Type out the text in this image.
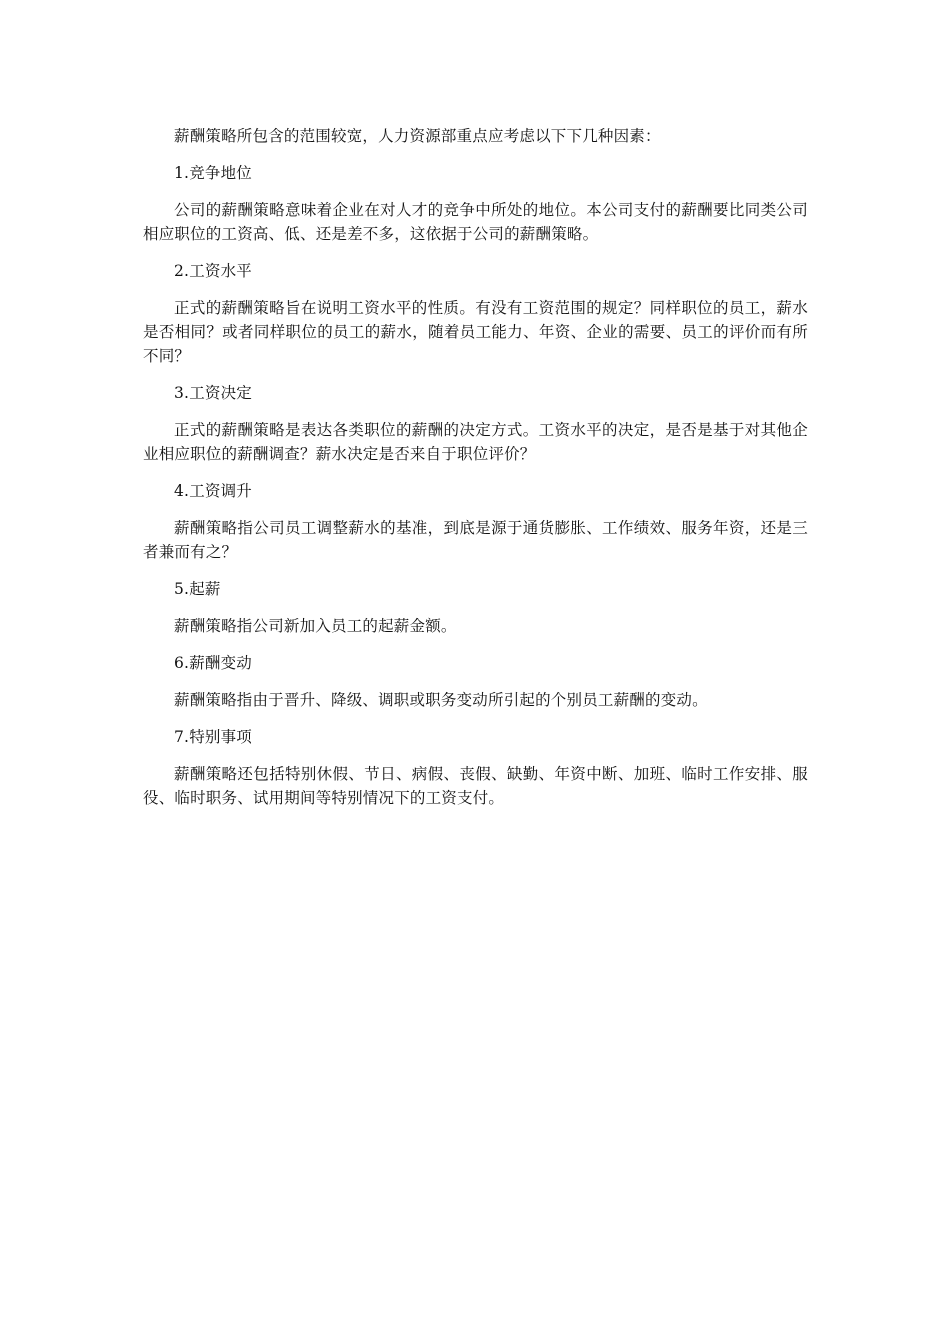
薪酬策略所包含的范围较宽，人力资源部重点应考虑以下下几种因素：

1.竞争地位

公司的薪酬策略意味着企业在对人才的竞争中所处的地位。本公司支付的薪酬要比同类公司相应职位的工资高、低、还是差不多，这依据于公司的薪酬策略。

2.工资水平

正式的薪酬策略旨在说明工资水平的性质。有没有工资范围的规定？同样职位的员工，薪水是否相同？或者同样职位的员工的薪水，随着员工能力、年资、企业的需要、员工的评价而有所不同？

3.工资决定

正式的薪酬策略是表达各类职位的薪酬的决定方式。工资水平的决定，是否是基于对其他企业相应职位的薪酬调查？薪水决定是否来自于职位评价？

4.工资调升

薪酬策略指公司员工调整薪水的基准，到底是源于通货膨胀、工作绩效、服务年资，还是三者兼而有之？

5.起薪

薪酬策略指公司新加入员工的起薪金额。

6.薪酬变动

薪酬策略指由于晋升、降级、调职或职务变动所引起的个别员工薪酬的变动。

7.特别事项

薪酬策略还包括特别休假、节日、病假、丧假、缺勤、年资中断、加班、临时工作安排、服役、临时职务、试用期间等特别情况下的工资支付。
